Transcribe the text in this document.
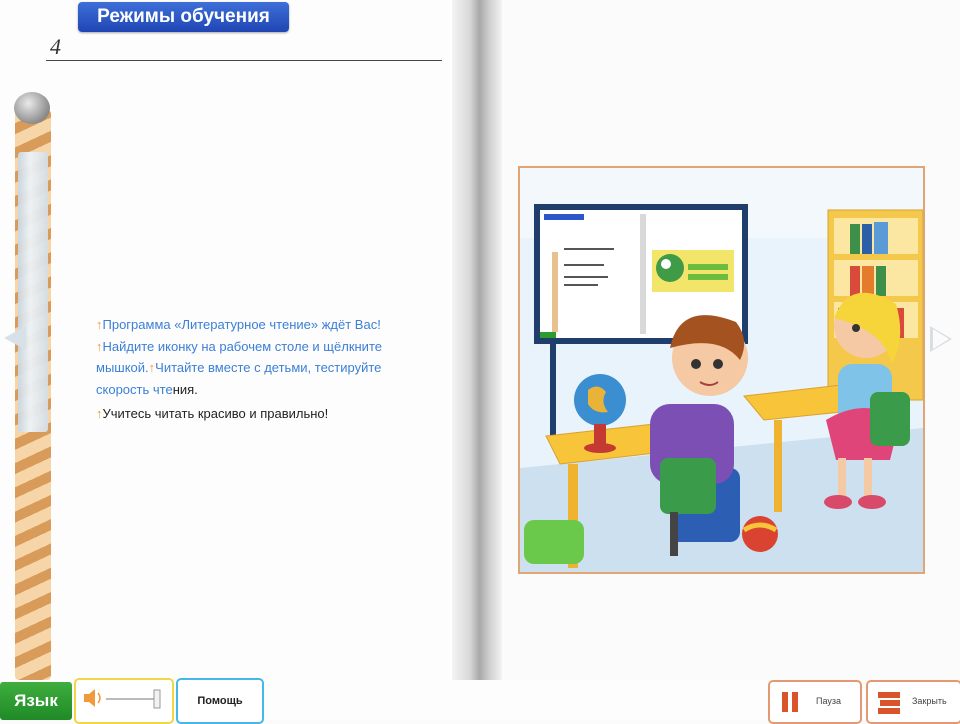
Режимы обучения
4
↑Программа «Литературное чтение» ждёт Вас!
↑Найдите иконку на рабочем столе и щёлкните мышкой.↑Читайте вместе с детьми, тестируйте скорость чтения.
↑Учитесь читать красиво и правильно!
Язык	Помощь	Пауза	Закрыть
